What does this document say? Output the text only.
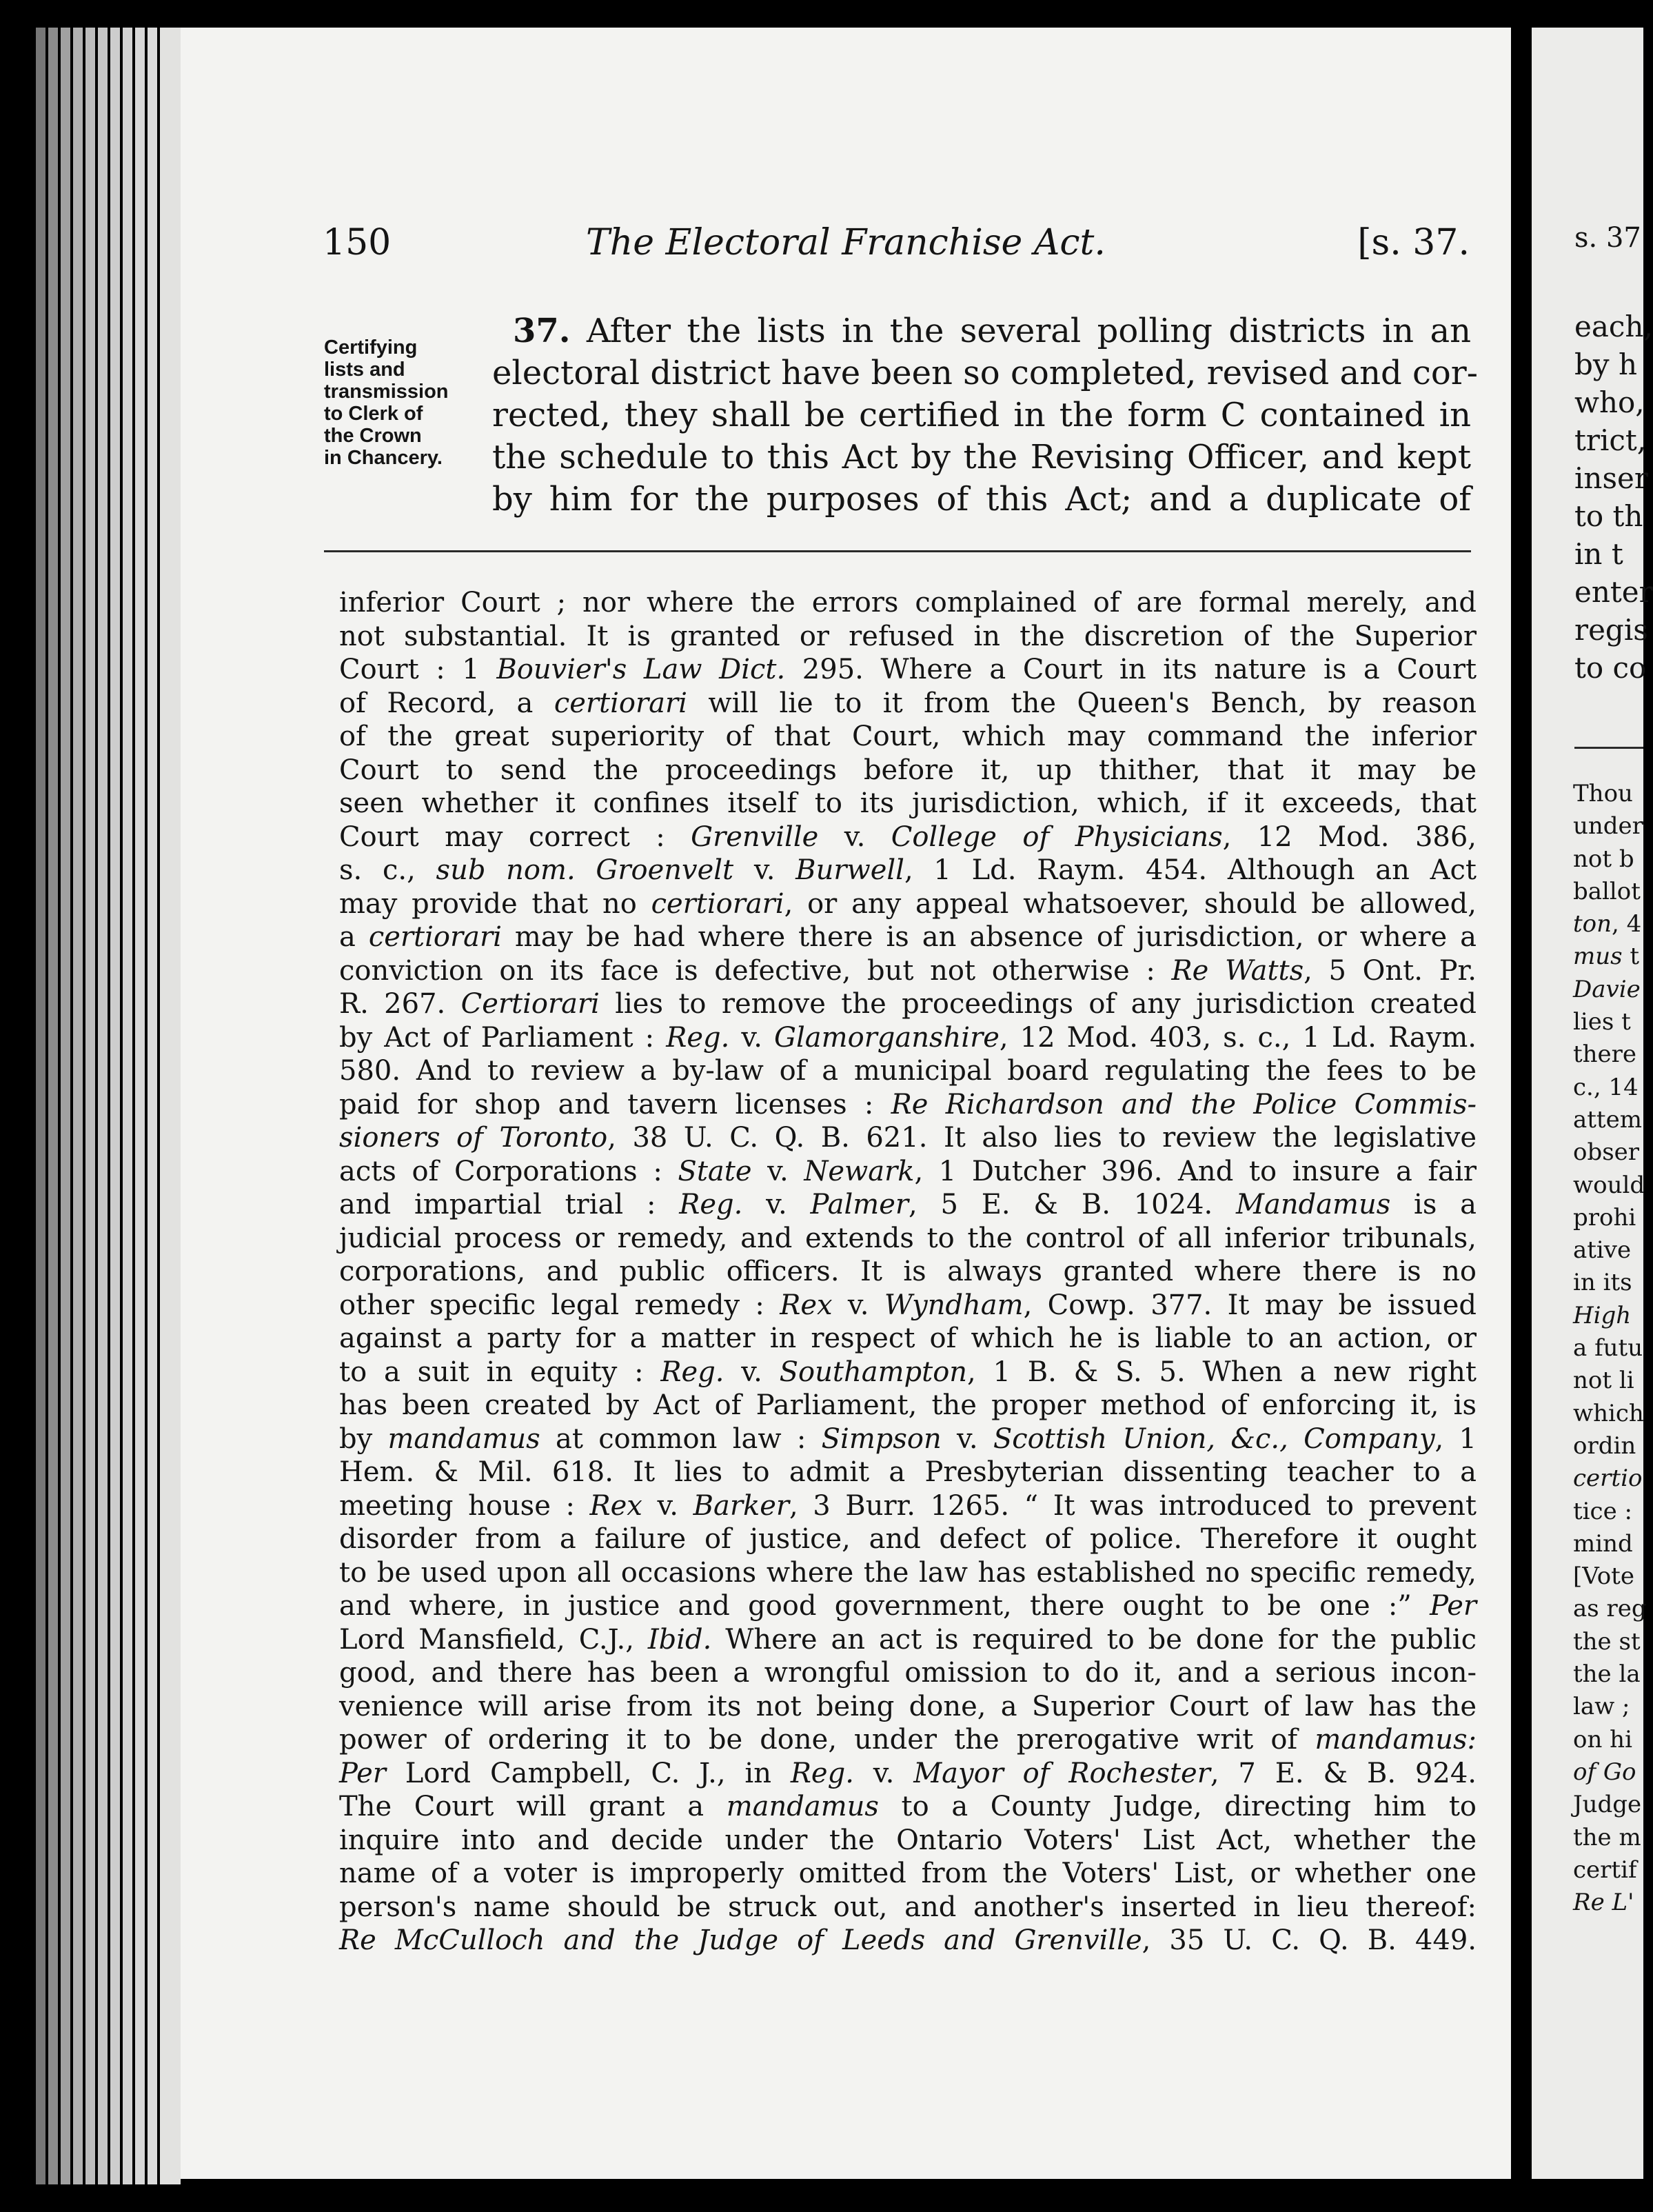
150	The Electoral Franchise Act.	[s. 37.
Certifying
lists and
transmission
to Clerk of
the Crown
in Chancery.
37. After the lists in the several polling districts in an
electoral district have been so completed, revised and cor-
rected, they shall be certified in the form C contained in
the schedule to this Act by the Revising Officer, and kept
by him for the purposes of this Act; and a duplicate of
inferior Court ; nor where the errors complained of are formal merely, and
not substantial. It is granted or refused in the discretion of the Superior
Court : 1 Bouvier's Law Dict. 295. Where a Court in its nature is a Court
of Record, a certiorari will lie to it from the Queen's Bench, by reason
of the great superiority of that Court, which may command the inferior
Court to send the proceedings before it, up thither, that it may be
seen whether it confines itself to its jurisdiction, which, if it exceeds, that
Court may correct : Grenville v. College of Physicians, 12 Mod. 386,
s. c., sub nom. Groenvelt v. Burwell, 1 Ld. Raym. 454. Although an Act
may provide that no certiorari, or any appeal whatsoever, should be allowed,
a certiorari may be had where there is an absence of jurisdiction, or where a
conviction on its face is defective, but not otherwise : Re Watts, 5 Ont. Pr.
R. 267. Certiorari lies to remove the proceedings of any jurisdiction created
by Act of Parliament : Reg. v. Glamorganshire, 12 Mod. 403, s. c., 1 Ld. Raym.
580. And to review a by-law of a municipal board regulating the fees to be
paid for shop and tavern licenses : Re Richardson and the Police Commis-
sioners of Toronto, 38 U. C. Q. B. 621. It also lies to review the legislative
acts of Corporations : State v. Newark, 1 Dutcher 396. And to insure a fair
and impartial trial : Reg. v. Palmer, 5 E. & B. 1024. Mandamus is a
judicial process or remedy, and extends to the control of all inferior tribunals,
corporations, and public officers. It is always granted where there is no
other specific legal remedy : Rex v. Wyndham, Cowp. 377. It may be issued
against a party for a matter in respect of which he is liable to an action, or
to a suit in equity : Reg. v. Southampton, 1 B. & S. 5. When a new right
has been created by Act of Parliament, the proper method of enforcing it, is
by mandamus at common law : Simpson v. Scottish Union, &c., Company, 1
Hem. & Mil. 618. It lies to admit a Presbyterian dissenting teacher to a
meeting house : Rex v. Barker, 3 Burr. 1265. “ It was introduced to prevent
disorder from a failure of justice, and defect of police. Therefore it ought
to be used upon all occasions where the law has established no specific remedy,
and where, in justice and good government, there ought to be one :” Per
Lord Mansfield, C.J., Ibid. Where an act is required to be done for the public
good, and there has been a wrongful omission to do it, and a serious incon-
venience will arise from its not being done, a Superior Court of law has the
power of ordering it to be done, under the prerogative writ of mandamus:
Per Lord Campbell, C. J., in Reg. v. Mayor of Rochester, 7 E. & B. 924.
The Court will grant a mandamus to a County Judge, directing him to
inquire into and decide under the Ontario Voters' List Act, whether the
name of a voter is improperly omitted from the Voters' List, or whether one
person's name should be struck out, and another's inserted in lieu thereof:
Re McCulloch and the Judge of Leeds and Grenville, 35 U. C. Q. B. 449.
s. 37
each,
by h
who,
trict,
inser
to th
in t
enter
regis
to co
Thou
under
not b
ballot
ton, 4
mus t
Davie
lies t
there
c., 14
attem
obser
would
prohi
ative
in its
High
a futu
not li
which
ordin
certio
tice :
mind
[Vote
as reg
the st
the la
law ;
on hi
of Go
Judge
the m
certif
Re L'
